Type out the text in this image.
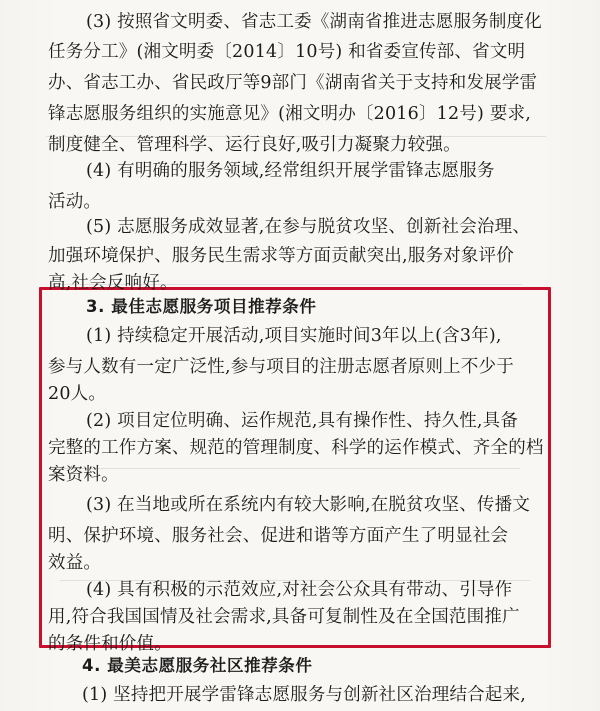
(3) 按照省文明委、省志工委《湖南省推进志愿服务制度化
任务分工》(湘文明委〔2014〕10号) 和省委宣传部、省文明
办、省志工办、省民政厅等9部门《湖南省关于支持和发展学雷
锋志愿服务组织的实施意见》(湘文明办〔2016〕12号) 要求,
制度健全、管理科学、运行良好,吸引力凝聚力较强。
(4) 有明确的服务领域,经常组织开展学雷锋志愿服务
活动。
(5) 志愿服务成效显著,在参与脱贫攻坚、创新社会治理、
加强环境保护、服务民生需求等方面贡献突出,服务对象评价
高,社会反响好。
3. 最佳志愿服务项目推荐条件
(1) 持续稳定开展活动,项目实施时间3年以上(含3年),
参与人数有一定广泛性,参与项目的注册志愿者原则上不少于
20人。
(2) 项目定位明确、运作规范,具有操作性、持久性,具备
完整的工作方案、规范的管理制度、科学的运作模式、齐全的档
案资料。
(3) 在当地或所在系统内有较大影响,在脱贫攻坚、传播文
明、保护环境、服务社会、促进和谐等方面产生了明显社会
效益。
(4) 具有积极的示范效应,对社会公众具有带动、引导作
用,符合我国国情及社会需求,具备可复制性及在全国范围推广
的条件和价值。
4. 最美志愿服务社区推荐条件
(1) 坚持把开展学雷锋志愿服务与创新社区治理结合起来,
